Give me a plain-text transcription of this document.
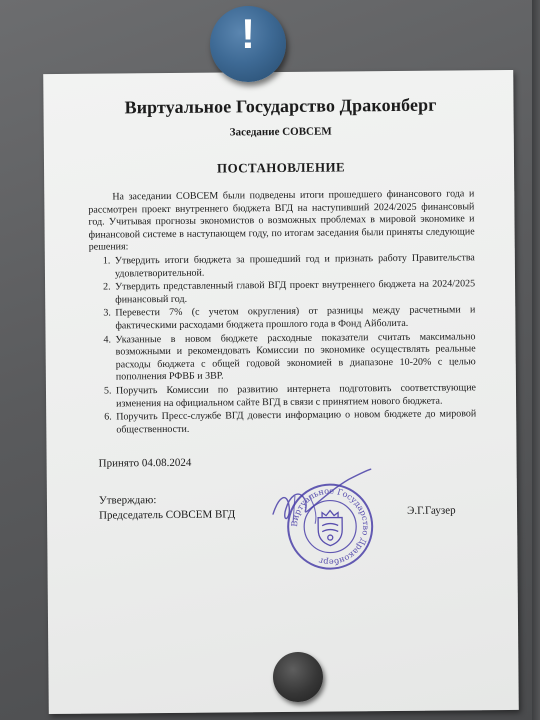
Виртуальное Государство Драконберг

Заседание СОВСЕМ

ПОСТАНОВЛЕНИЕ

На заседании СОВСЕМ были подведены итоги прошедшего финансового года и рассмотрен проект внутреннего бюджета ВГД на наступивший 2024/2025 финансовый год. Учитывая прогнозы экономистов о возможных проблемах в мировой экономике и финансовой системе в наступающем году, по итогам заседания были приняты следующие решения:

1. Утвердить итоги бюджета за прошедший год и признать работу Правительства удовлетворительной.
2. Утвердить представленный главой ВГД проект внутреннего бюджета на 2024/2025 финансовый год.
3. Перевести 7% (с учетом округления) от разницы между расчетными и фактическими расходами бюджета прошлого года в Фонд Айболита.
4. Указанные в новом бюджете расходные показатели считать максимально возможными и рекомендовать Комиссии по экономике осуществлять реальные расходы бюджета с общей годовой экономией в диапазоне 10-20% с целью пополнения РФВБ и ЗВР.
5. Поручить Комиссии по развитию интернета подготовить соответствующие изменения на официальном сайте ВГД в связи с принятием нового бюджета.
6. Поручить Пресс-службе ВГД довести информацию о новом бюджете до мировой общественности.
Принято 04.08.2024
Утверждаю:
Председатель СОВСЕМ ВГД
Виртуальное Государство Драконберг
Э.Г.Гаузер
!
